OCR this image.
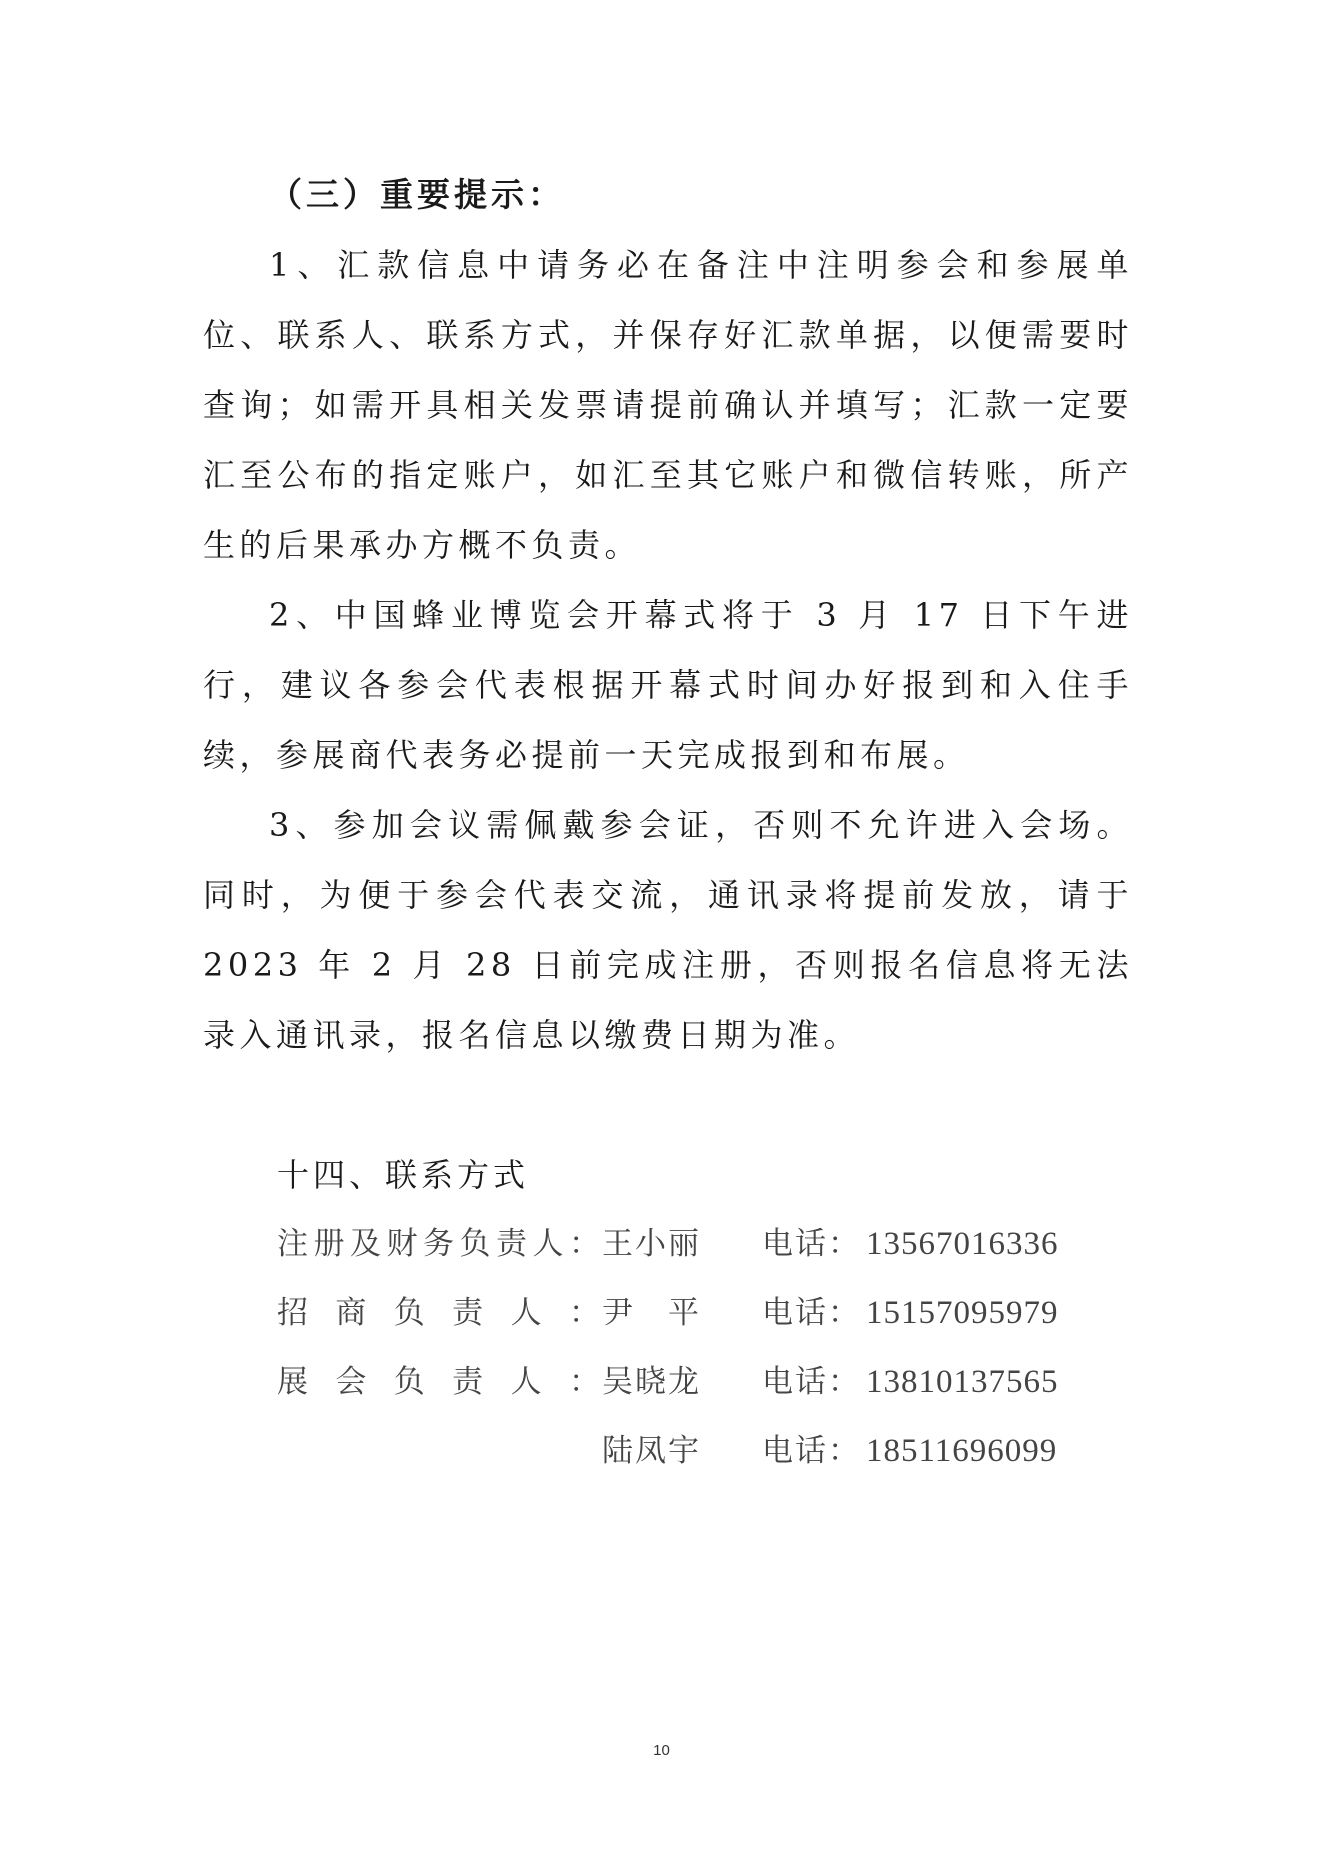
（三）重要提示：

1、汇款信息中请务必在备注中注明参会和参展单位、联系人、联系方式，并保存好汇款单据，以便需要时查询；如需开具相关发票请提前确认并填写；汇款一定要汇至公布的指定账户，如汇至其它账户和微信转账，所产生的后果承办方概不负责。

2、中国蜂业博览会开幕式将于 3 月 17 日下午进行，建议各参会代表根据开幕式时间办好报到和入住手续，参展商代表务必提前一天完成报到和布展。

3、参加会议需佩戴参会证，否则不允许进入会场。同时，为便于参会代表交流，通讯录将提前发放，请于 2023 年 2 月 28 日前完成注册，否则报名信息将无法录入通讯录，报名信息以缴费日期为准。

十四、联系方式

注 册 及 财 务 负 责 人 ： 王小丽	电话： 13567016336
招 商 负 责 人 ： 尹　平	电话： 15157095979
展 会 负 责 人 ： 吴晓龙	电话： 13810137565
陆凤宇	电话： 18511696099
10
